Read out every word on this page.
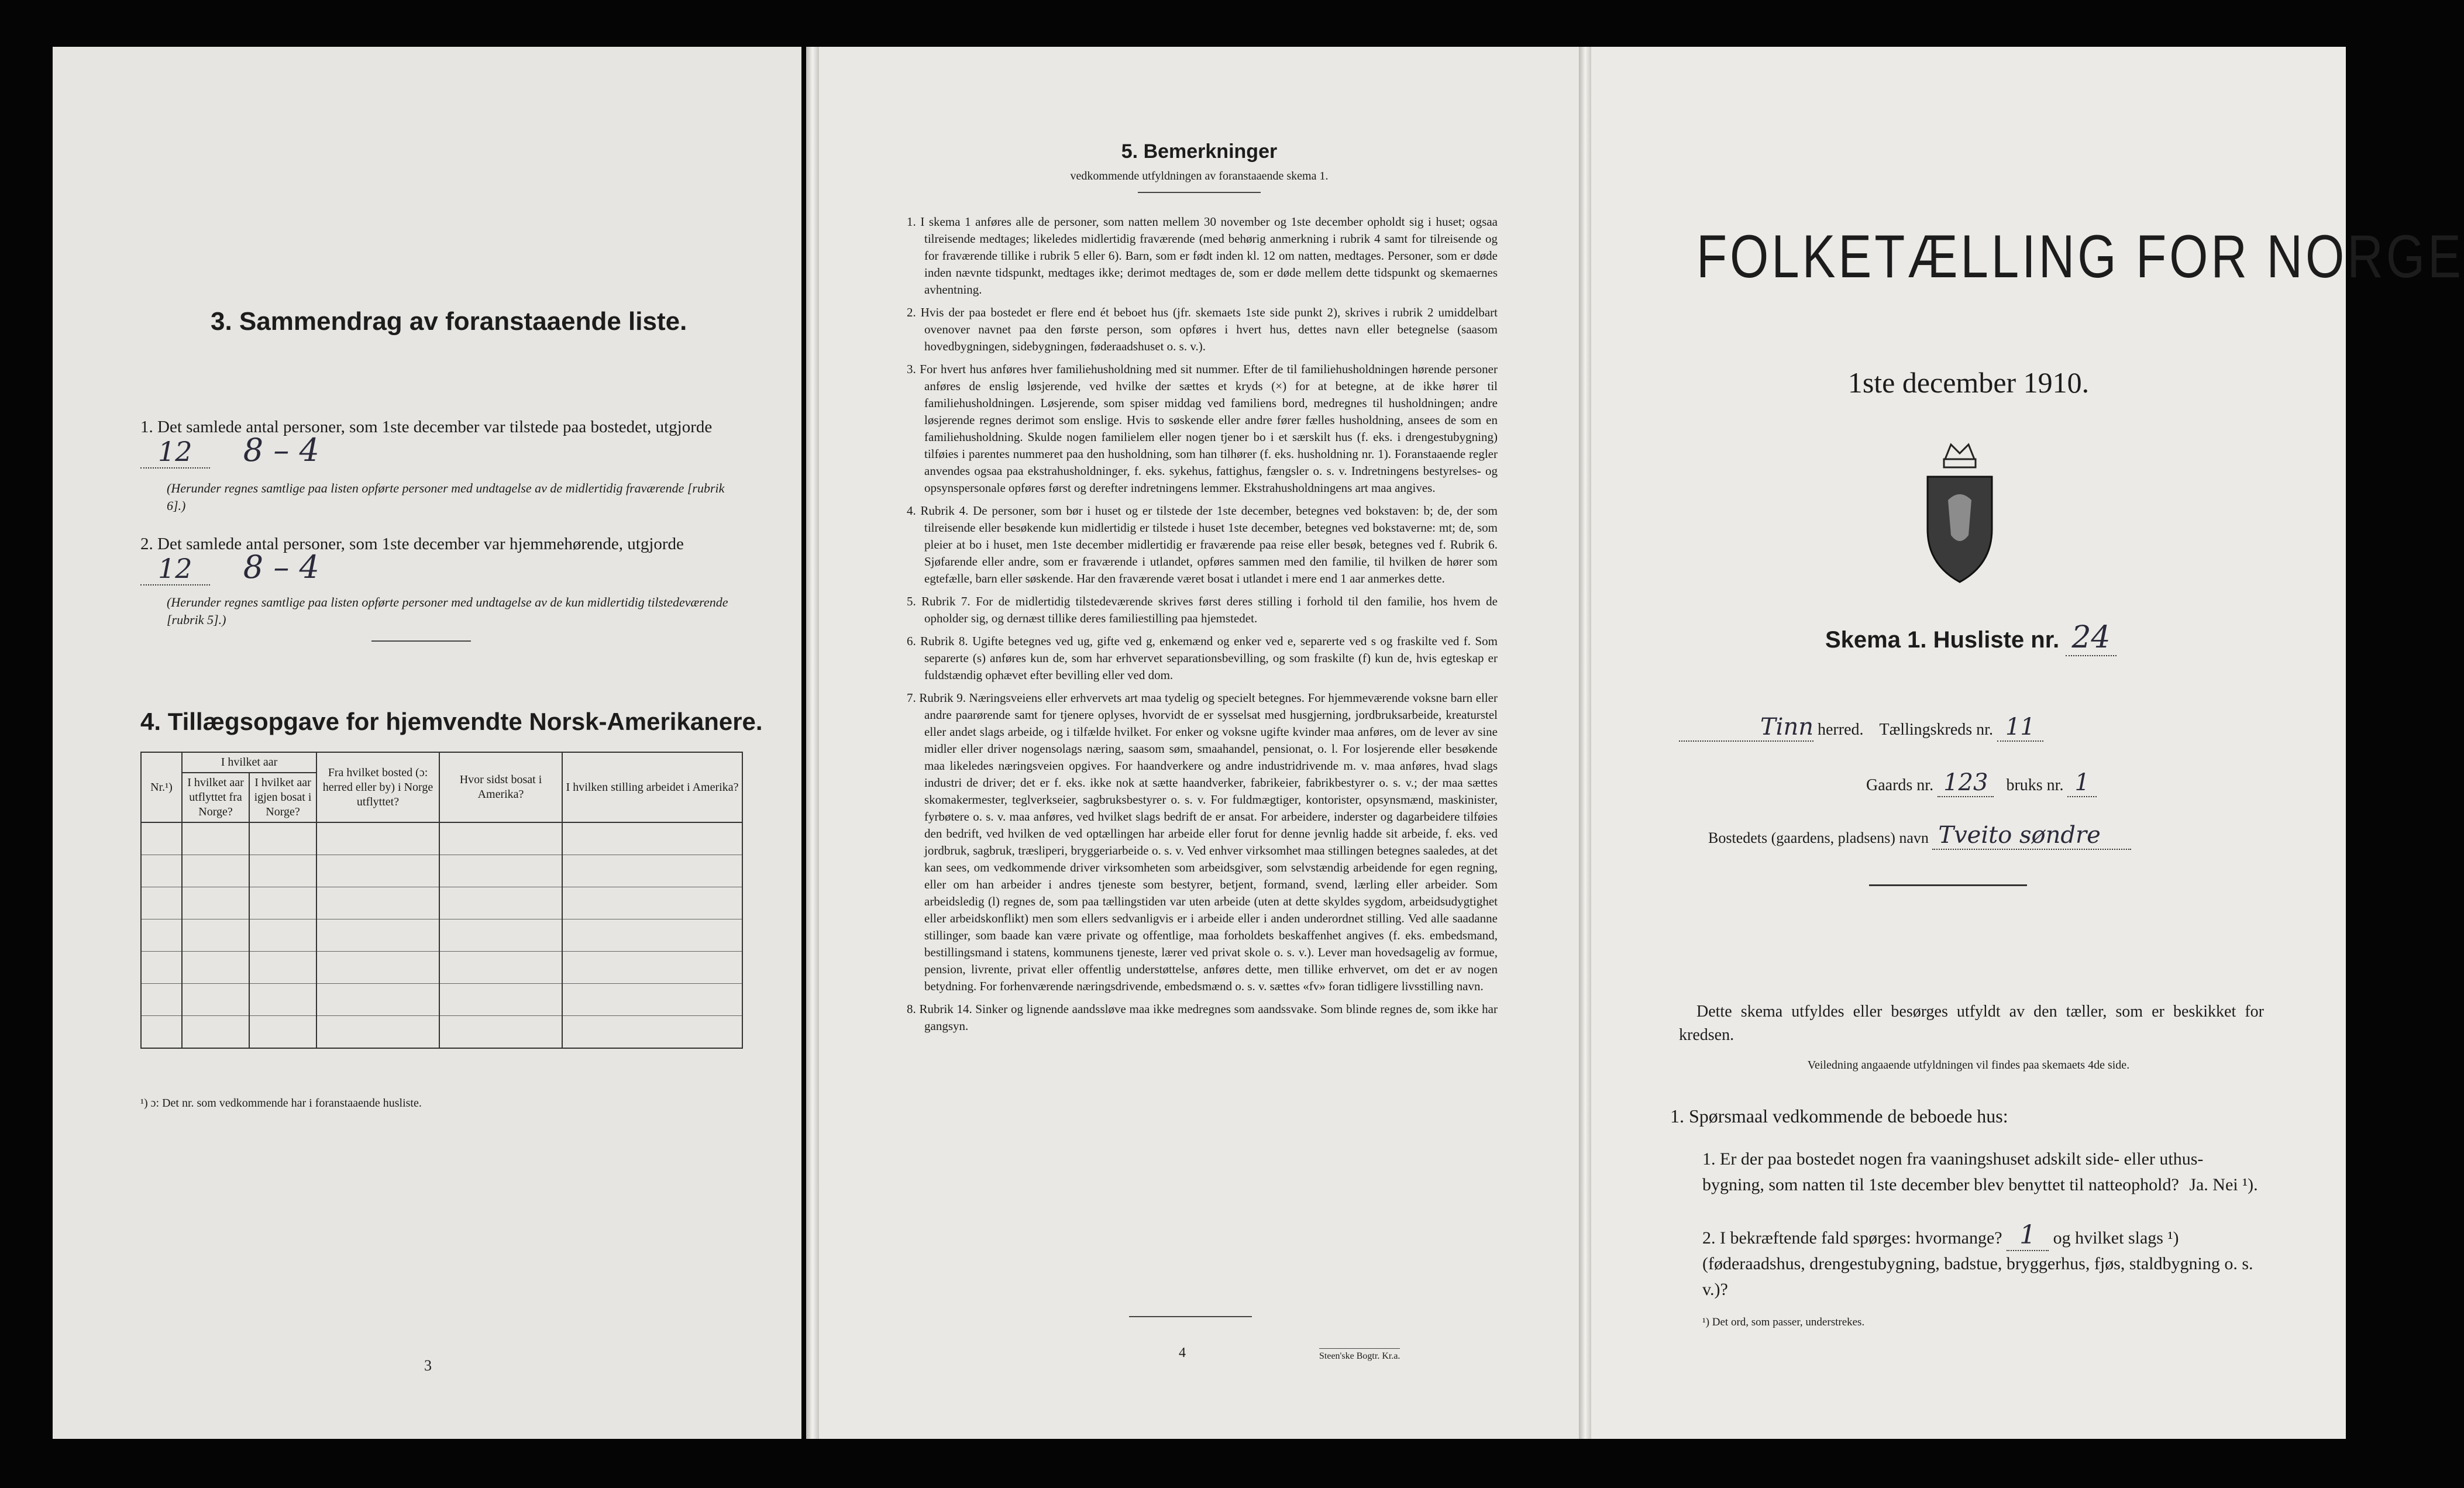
3. Sammendrag av foranstaaende liste.
1. Det samlede antal personer, som 1ste december var tilstede paa bostedet, utgjorde 12 8 – 4
(Herunder regnes samtlige paa listen opførte personer med undtagelse av de midlertidig fraværende [rubrik 6].)
2. Det samlede antal personer, som 1ste december var hjemmehørende, utgjorde 12 8 – 4
(Herunder regnes samtlige paa listen opførte personer med undtagelse av de kun midlertidig tilstedeværende [rubrik 5].)
4. Tillægsopgave for hjemvendte Norsk-Amerikanere.
Nr.¹)	I hvilket aar		Fra hvilket bosted (ɔ: herred eller by) i Norge utflyttet?	Hvor sidst bosat i Amerika?	I hvilken stilling arbeidet i Amerika?
	I hvilket aar utflyttet fra Norge?	I hvilket aar igjen bosat i Norge?			

¹) ɔ: Det nr. som vedkommende har i foranstaaende husliste.
3
5. Bemerkninger
vedkommende utfyldningen av foranstaaende skema 1.

1. I skema 1 anføres alle de personer, som natten mellem 30 november og 1ste december opholdt sig i huset; ogsaa tilreisende medtages; likeledes midlertidig fraværende (med behørig anmerkning i rubrik 4 samt for tilreisende og for fraværende tillike i rubrik 5 eller 6). Barn, som er født inden kl. 12 om natten, medtages. Personer, som er døde inden nævnte tidspunkt, medtages ikke; derimot medtages de, som er døde mellem dette tidspunkt og skemaernes avhentning.

2. Hvis der paa bostedet er flere end ét beboet hus (jfr. skemaets 1ste side punkt 2), skrives i rubrik 2 umiddelbart ovenover navnet paa den første person, som opføres i hvert hus, dettes navn eller betegnelse (saasom hovedbygningen, sidebygningen, føderaadshuset o. s. v.).

3. For hvert hus anføres hver familiehusholdning med sit nummer. Efter de til familiehusholdningen hørende personer anføres de enslig løsjerende, ved hvilke der sættes et kryds (×) for at betegne, at de ikke hører til familiehusholdningen. Løsjerende, som spiser middag ved familiens bord, medregnes til husholdningen; andre løsjerende regnes derimot som enslige. Hvis to søskende eller andre fører fælles husholdning, ansees de som en familiehusholdning. Skulde nogen familielem eller nogen tjener bo i et særskilt hus (f. eks. i drengestubygning) tilføies i parentes nummeret paa den husholdning, som han tilhører (f. eks. husholdning nr. 1). Foranstaaende regler anvendes ogsaa paa ekstrahusholdninger, f. eks. sykehus, fattighus, fængsler o. s. v. Indretningens bestyrelses- og opsynspersonale opføres først og derefter indretningens lemmer. Ekstrahusholdningens art maa angives.

4. Rubrik 4. De personer, som bør i huset og er tilstede der 1ste december, betegnes ved bokstaven: b; de, der som tilreisende eller besøkende kun midlertidig er tilstede i huset 1ste december, betegnes ved bokstaverne: mt; de, som pleier at bo i huset, men 1ste december midlertidig er fraværende paa reise eller besøk, betegnes ved f. Rubrik 6. Sjøfarende eller andre, som er fraværende i utlandet, opføres sammen med den familie, til hvilken de hører som egtefælle, barn eller søskende. Har den fraværende været bosat i utlandet i mere end 1 aar anmerkes dette.

5. Rubrik 7. For de midlertidig tilstedeværende skrives først deres stilling i forhold til den familie, hos hvem de opholder sig, og dernæst tillike deres familiestilling paa hjemstedet.

6. Rubrik 8. Ugifte betegnes ved ug, gifte ved g, enkemænd og enker ved e, separerte ved s og fraskilte ved f. Som separerte (s) anføres kun de, som har erhvervet separationsbevilling, og som fraskilte (f) kun de, hvis egteskap er fuldstændig ophævet efter bevilling eller ved dom.

7. Rubrik 9. Næringsveiens eller erhvervets art maa tydelig og specielt betegnes. For hjemmeværende voksne barn eller andre paarørende samt for tjenere oplyses, hvorvidt de er sysselsat med husgjerning, jordbruksarbeide, kreaturstel eller andet slags arbeide, og i tilfælde hvilket. For enker og voksne ugifte kvinder maa anføres, om de lever av sine midler eller driver nogensolags næring, saasom søm, smaahandel, pensionat, o. l. For losjerende eller besøkende maa likeledes næringsveien opgives. For haandverkere og andre industridrivende m. v. maa anføres, hvad slags industri de driver; det er f. eks. ikke nok at sætte haandverker, fabrikeier, fabrikbestyrer o. s. v.; der maa sættes skomakermester, teglverkseier, sagbruksbestyrer o. s. v. For fuldmægtiger, kontorister, opsynsmænd, maskinister, fyrbøtere o. s. v. maa anføres, ved hvilket slags bedrift de er ansat. For arbeidere, inderster og dagarbeidere tilføies den bedrift, ved hvilken de ved optællingen har arbeide eller forut for denne jevnlig hadde sit arbeide, f. eks. ved jordbruk, sagbruk, træsliperi, bryggeriarbeide o. s. v. Ved enhver virksomhet maa stillingen betegnes saaledes, at det kan sees, om vedkommende driver virksomheten som arbeidsgiver, som selvstændig arbeidende for egen regning, eller om han arbeider i andres tjeneste som bestyrer, betjent, formand, svend, lærling eller arbeider. Som arbeidsledig (l) regnes de, som paa tællingstiden var uten arbeide (uten at dette skyldes sygdom, arbeidsudygtighet eller arbeidskonflikt) men som ellers sedvanligvis er i arbeide eller i anden underordnet stilling. Ved alle saadanne stillinger, som baade kan være private og offentlige, maa forholdets beskaffenhet angives (f. eks. embedsmand, bestillingsmand i statens, kommunens tjeneste, lærer ved privat skole o. s. v.). Lever man hovedsagelig av formue, pension, livrente, privat eller offentlig understøttelse, anføres dette, men tillike erhvervet, om det er av nogen betydning. For forhenværende næringsdrivende, embedsmænd o. s. v. sættes «fv» foran tidligere livsstilling navn.

8. Rubrik 14. Sinker og lignende aandssløve maa ikke medregnes som aandssvake. Som blinde regnes de, som ikke har gangsyn.

4	Steen'ske Bogtr. Kr.a.
FOLKETÆLLING FOR NORGE
1ste december 1910.
Skema 1. Husliste nr. 24
Tinn herred. Tællingskreds nr. 11
Gaards nr. 123 bruks nr. 1
Bostedets (gaardens, pladsens) navn Tveito søndre
Dette skema utfyldes eller besørges utfyldt av den tæller, som er beskikket for kredsen.
Veiledning angaaende utfyldningen vil findes paa skemaets 4de side.
1. Spørsmaal vedkommende de beboede hus:
1. Er der paa bostedet nogen fra vaaningshuset adskilt side- eller uthus-bygning, som natten til 1ste december blev benyttet til natteophold? Ja. Nei ¹).
2. I bekræftende fald spørges: hvormange? 1 og hvilket slags ¹) (føderaadshus, drengestubygning, badstue, bryggerhus, fjøs, staldbygning o. s. v.)?
¹) Det ord, som passer, understrekes.
